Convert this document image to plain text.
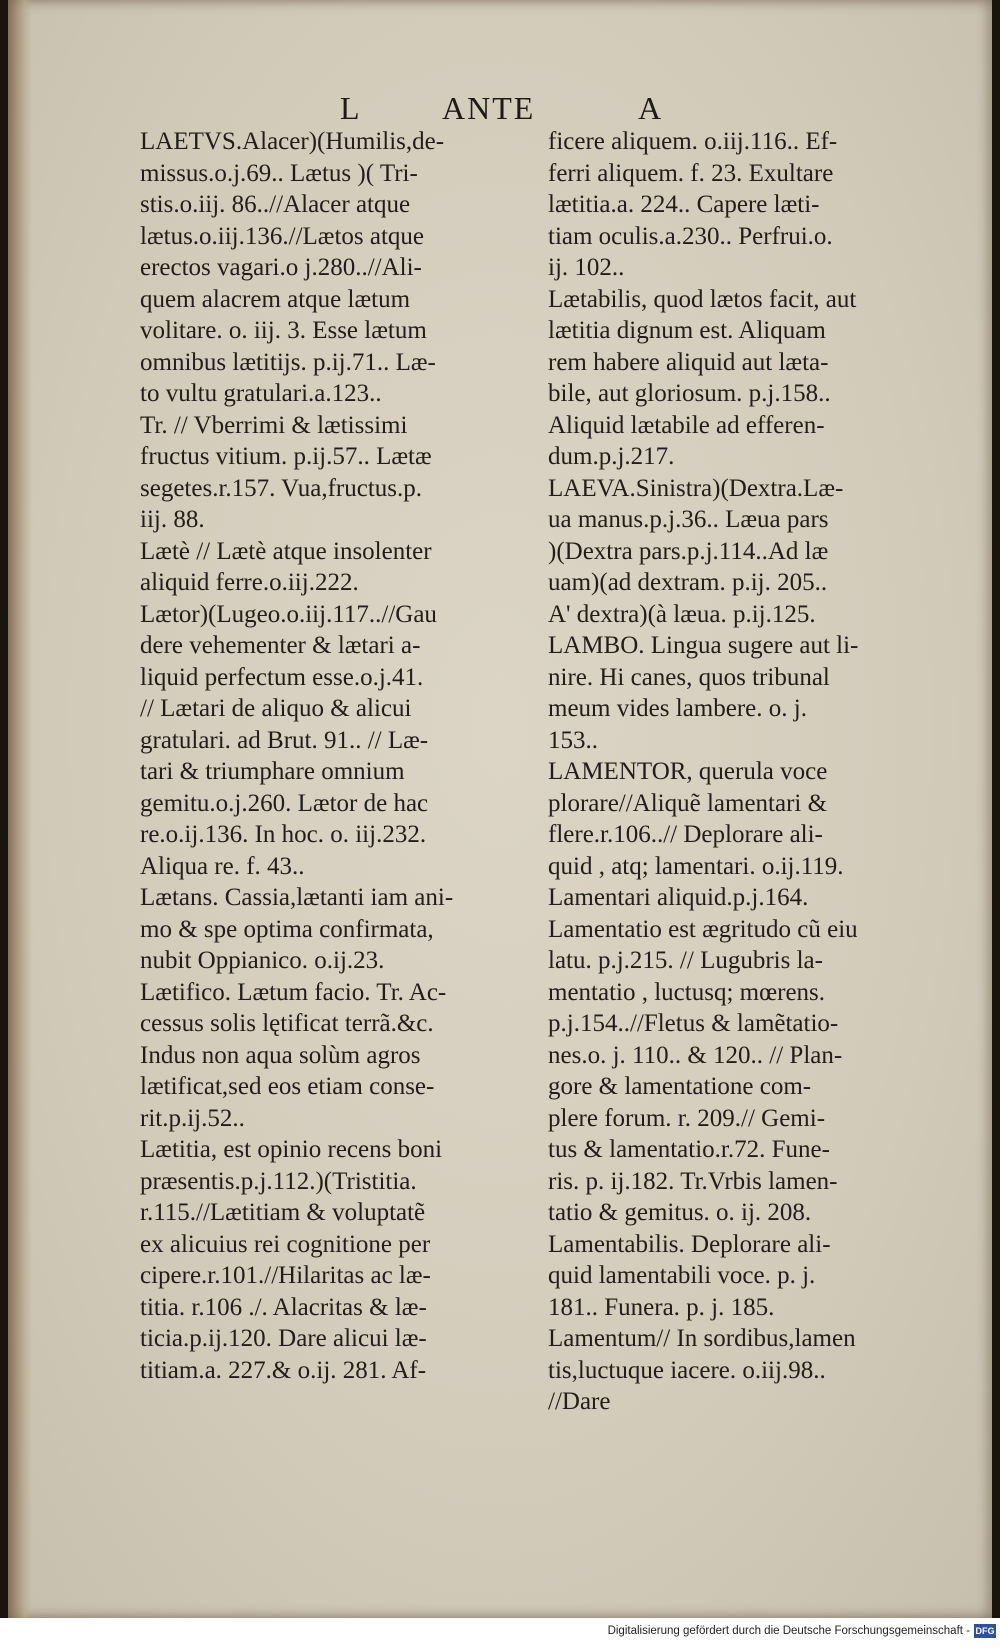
L	ANTE	A
LAETVS.Alacer)(Humilis,de-
missus.o.j.69.. Lætus )( Tri-
stis.o.iij. 86..//Alacer atque
lætus.o.iij.136.//Lætos atque
erectos vagari.o j.280..//Ali-
quem alacrem atque lætum
volitare. o. iij. 3. Esse lætum
omnibus lætitijs. p.ij.71.. Læ-
to vultu gratulari.a.123..
Tr. // Vberrimi & lætissimi
fructus vitium. p.ij.57.. Lætæ
segetes.r.157. Vua,fructus.p.
iij. 88.
Lætè // Lætè atque insolenter
aliquid ferre.o.iij.222.
Lætor)(Lugeo.o.iij.117..//Gau
dere vehementer & lætari a-
liquid perfectum esse.o.j.41.
// Lætari de aliquo & alicui
gratulari. ad Brut. 91.. // Læ-
tari & triumphare omnium
gemitu.o.j.260. Lætor de hac
re.o.ij.136. In hoc. o. iij.232.
Aliqua re. f. 43..
Lætans. Cassia,lætanti iam ani-
mo & spe optima confirmata,
nubit Oppianico. o.ij.23.
Lætifico. Lætum facio. Tr. Ac-
cessus solis lętificat terrã.&c.
Indus non aqua solùm agros
lætificat,sed eos etiam conse-
rit.p.ij.52..
Lætitia, est opinio recens boni
præsentis.p.j.112.)(Tristitia.
r.115.//Lætitiam & voluptatẽ
ex alicuius rei cognitione per
cipere.r.101.//Hilaritas ac læ-
titia. r.106 ./. Alacritas & læ-
ticia.p.ij.120. Dare alicui læ-
titiam.a. 227.& o.ij. 281. Af-
ficere aliquem. o.iij.116.. Ef-
ferri aliquem. f. 23. Exultare
lætitia.a. 224.. Capere læti-
tiam oculis.a.230.. Perfrui.o.
ij. 102..
Lætabilis, quod lætos facit, aut
lætitia dignum est. Aliquam
rem habere aliquid aut læta-
bile, aut gloriosum. p.j.158..
Aliquid lætabile ad efferen-
dum.p.j.217.
LAEVA.Sinistra)(Dextra.Læ-
ua manus.p.j.36.. Læua pars
)(Dextra pars.p.j.114..Ad læ
uam)(ad dextram. p.ij. 205..
A' dextra)(à læua. p.ij.125.
LAMBO. Lingua sugere aut li-
nire. Hi canes, quos tribunal
meum vides lambere. o. j.
153..
LAMENTOR, querula voce
plorare//Aliquẽ lamentari &
flere.r.106..// Deplorare ali-
quid , atq; lamentari. o.ij.119.
Lamentari aliquid.p.j.164.
Lamentatio est ægritudo cũ eiu
latu. p.j.215. // Lugubris la-
mentatio , luctusq; mœrens.
p.j.154..//Fletus & lamẽtatio-
nes.o. j. 110.. & 120.. // Plan-
gore & lamentatione com-
plere forum. r. 209.// Gemi-
tus & lamentatio.r.72. Fune-
ris. p. ij.182. Tr.Vrbis lamen-
tatio & gemitus. o. ij. 208.
Lamentabilis. Deplorare ali-
quid lamentabili voce. p. j.
181.. Funera. p. j. 185.
Lamentum// In sordibus,lamen
tis,luctuque iacere. o.iij.98..
//Dare
Digitalisierung gefördert durch die Deutsche Forschungsgemeinschaft - DFG
